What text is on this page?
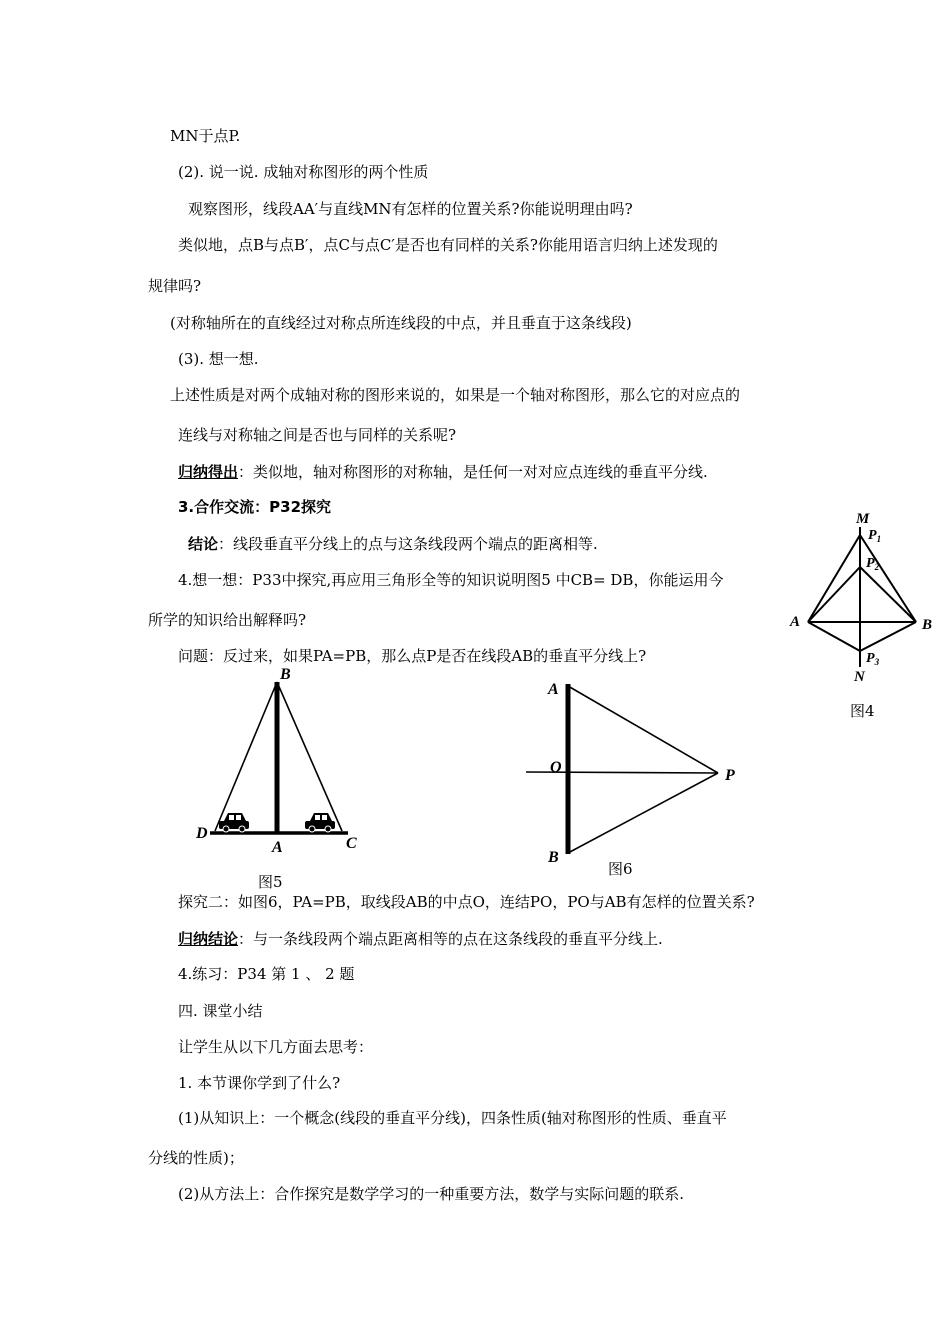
MN于点P.
(2). 说一说. 成轴对称图形的两个性质
观察图形，线段AA′与直线MN有怎样的位置关系?你能说明理由吗?
类似地，点B与点B′，点C与点C′是否也有同样的关系?你能用语言归纳上述发现的
规律吗?
(对称轴所在的直线经过对称点所连线段的中点，并且垂直于这条线段)
(3). 想一想.
上述性质是对两个成轴对称的图形来说的，如果是一个轴对称图形，那么它的对应点的
连线与对称轴之间是否也与同样的关系呢?
归纳得出：类似地，轴对称图形的对称轴，是任何一对对应点连线的垂直平分线.
3.合作交流：P32探究
结论：线段垂直平分线上的点与这条线段两个端点的距离相等.
4.想一想：P33中探究,再应用三角形全等的知识说明图5 中CB= DB，你能运用今
所学的知识给出解释吗?
问题：反过来，如果PA=PB，那么点P是否在线段AB的垂直平分线上?
探究二：如图6，PA=PB，取线段AB的中点O，连结PO，PO与AB有怎样的位置关系?
归纳结论：与一条线段两个端点距离相等的点在这条线段的垂直平分线上.
4.练习：P34 第 1 、 2 题
四. 课堂小结
让学生从以下几方面去思考：
1. 本节课你学到了什么?
(1)从知识上：一个概念(线段的垂直平分线)，四条性质(轴对称图形的性质、垂直平
分线的性质)；
(2)从方法上：合作探究是数学学习的一种重要方法，数学与实际问题的联系.
M
$P_1$
$P_2$
A	B
$P_3$
N
图4
B
D
A	C
图5
A
O	P
B
图6
